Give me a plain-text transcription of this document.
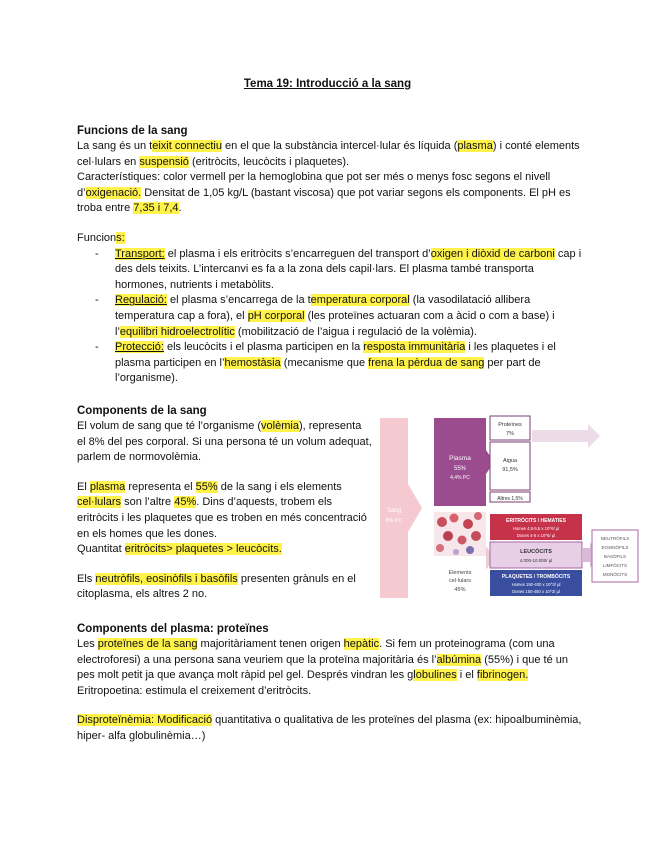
Tema 19: Introducció a la sang
Funcions de la sang

La sang és un teixit connectiu en el que la substància intercel·lular és líquida (plasma) i conté elements cel·lulars en suspensió (eritròcits, leucòcits i plaquetes).

Característiques: color vermell per la hemoglobina que pot ser més o menys fosc segons el nivell d’oxigenació. Densitat de 1,05 kg/L (bastant viscosa) que pot variar segons els components. El pH es troba entre 7,35 i 7,4.

Funcions:

- Transport: el plasma i els eritròcits s’encarreguen del transport d’oxigen i diòxid de carboni cap i des dels teixits. L’intercanvi es fa a la zona dels capil·lars. El plasma també transporta hormones, nutrients i metabòlits.
- Regulació: el plasma s’encarrega de la temperatura corporal (la vasodilatació allibera temperatura cap a fora), el pH corporal (les proteïnes actuaran com a àcid o com a base) i l’equilibri hidroelectrolític (mobilització de l’aigua i regulació de la volèmia).
- Protecció: els leucòcits i el plasma participen en la resposta immunitària i les plaquetes i el plasma participen en l’hemostàsia (mecanisme que frena la pèrdua de sang per part de l’organisme).
Components de la sang

El volum de sang que té l’organisme (volèmia), representa el 8% del pes corporal. Si una persona té un volum adequat, parlem de normovolèmia.

El plasma representa el 55% de la sang i els elements cel·lulars son l’altre 45%. Dins d’aquests, trobem els eritròcits i les plaquetes que es troben en més concentració en els homes que les dones.

Quantitat eritròcits> plaquetes > leucòcits.

Els neutròfils, eosinòfils i basòfils presenten grànuls en el citoplasma, els altres 2 no.

Sang
8% PC
Plasma
55%
4,4% PC
Proteïnes
7%
Aigua
91,5%
Altres 1,5%
Elements
cel·lulars
45%
ERITRÒCITS / HEMATIES
Homes 4,5-5,5 x 10^6/ µl
Dones 4-5 x 10^6/ µl
LEUCÒCITS
4.000-10.000/ µl
PLAQUETES / TROMBÒCITS
Homes 150-400 x 10^3/ µl
Dones 150-450 x 10^3/ µl
NEUTRÒFILS
EOSINÒFILS
BASÒFILS
LIMFÒCITS
MONÒCITS
Components del plasma: proteïnes

Les proteïnes de la sang majoritàriament tenen origen hepàtic. Si fem un proteinograma (com una electroforesi) a una persona sana veuriem que la proteïna majoritària és l’albúmina (55%) i que té un pes molt petit ja que avança molt ràpid pel gel. Després vindran les globulines i el fibrinogen. Eritropoetina: estimula el creixement d’eritròcits.

Disproteïnèmia: Modificació quantitativa o qualitativa de les proteïnes del plasma (ex: hipoalbuminèmia, hiper- alfa globulinèmia…)
